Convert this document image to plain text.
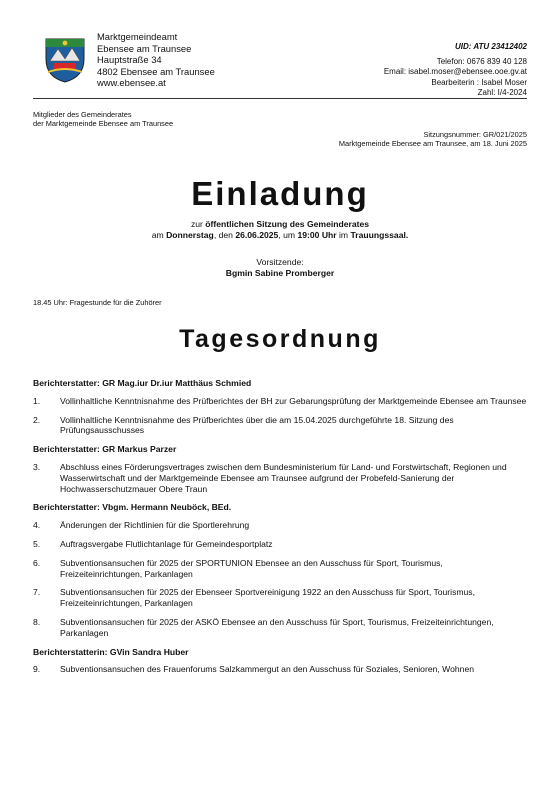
Marktgemeindeamt
Ebensee am Traunsee
Hauptstraße 34
4802 Ebensee am Traunsee
www.ebensee.at
UID: ATU 23412402
Telefon: 0676 839 40 128
Email: isabel.moser@ebensee.ooe.gv.at
Bearbeiterin : Isabel Moser
Zahl: I/4-2024
Mitglieder des Gemeinderates
der Marktgemeinde Ebensee am Traunsee
Sitzungsnummer: GR/021/2025
Marktgemeinde Ebensee am Traunsee, am 18. Juni 2025
Einladung
zur öffentlichen Sitzung des Gemeinderates
am Donnerstag, den 26.06.2025, um 19:00 Uhr im Trauungssaal.
Vorsitzende:
Bgmin Sabine Promberger
18.45 Uhr: Fragestunde für die Zuhörer
Tagesordnung
Berichterstatter: GR Mag.iur Dr.iur Matthäus Schmied
1.	Vollinhaltliche Kenntnisnahme des Prüfberichtes der BH zur Gebarungsprüfung der Marktgemeinde Ebensee am Traunsee
2.	Vollinhaltliche Kenntnisnahme des Prüfberichtes über die am 15.04.2025 durchgeführte 18. Sitzung des Prüfungsausschusses
Berichterstatter: GR Markus Parzer
3.	Abschluss eines Förderungsvertrages zwischen dem Bundesministerium für Land- und Forstwirtschaft, Regionen und Wasserwirtschaft und der Marktgemeinde Ebensee am Traunsee aufgrund der Probefeld-Sanierung der Hochwasserschutzmauer Obere Traun
Berichterstatter: Vbgm. Hermann Neuböck, BEd.
4.	Änderungen der Richtlinien für die Sportlerehrung
5.	Auftragsvergabe Flutlichtanlage für Gemeindesportplatz
6.	Subventionsansuchen für 2025 der SPORTUNION Ebensee an den Ausschuss für Sport, Tourismus, Freizeiteinrichtungen, Parkanlagen
7.	Subventionsansuchen für 2025 der Ebenseer Sportvereinigung 1922 an den Ausschuss für Sport, Tourismus, Freizeiteinrichtungen, Parkanlagen
8.	Subventionsansuchen für 2025 der ASKÖ Ebensee an den Ausschuss für Sport, Tourismus, Freizeiteinrichtungen, Parkanlagen
Berichterstatterin: GVin Sandra Huber
9.	Subventionsansuchen des Frauenforums Salzkammergut an den Ausschuss für Soziales, Senioren, Wohnen
